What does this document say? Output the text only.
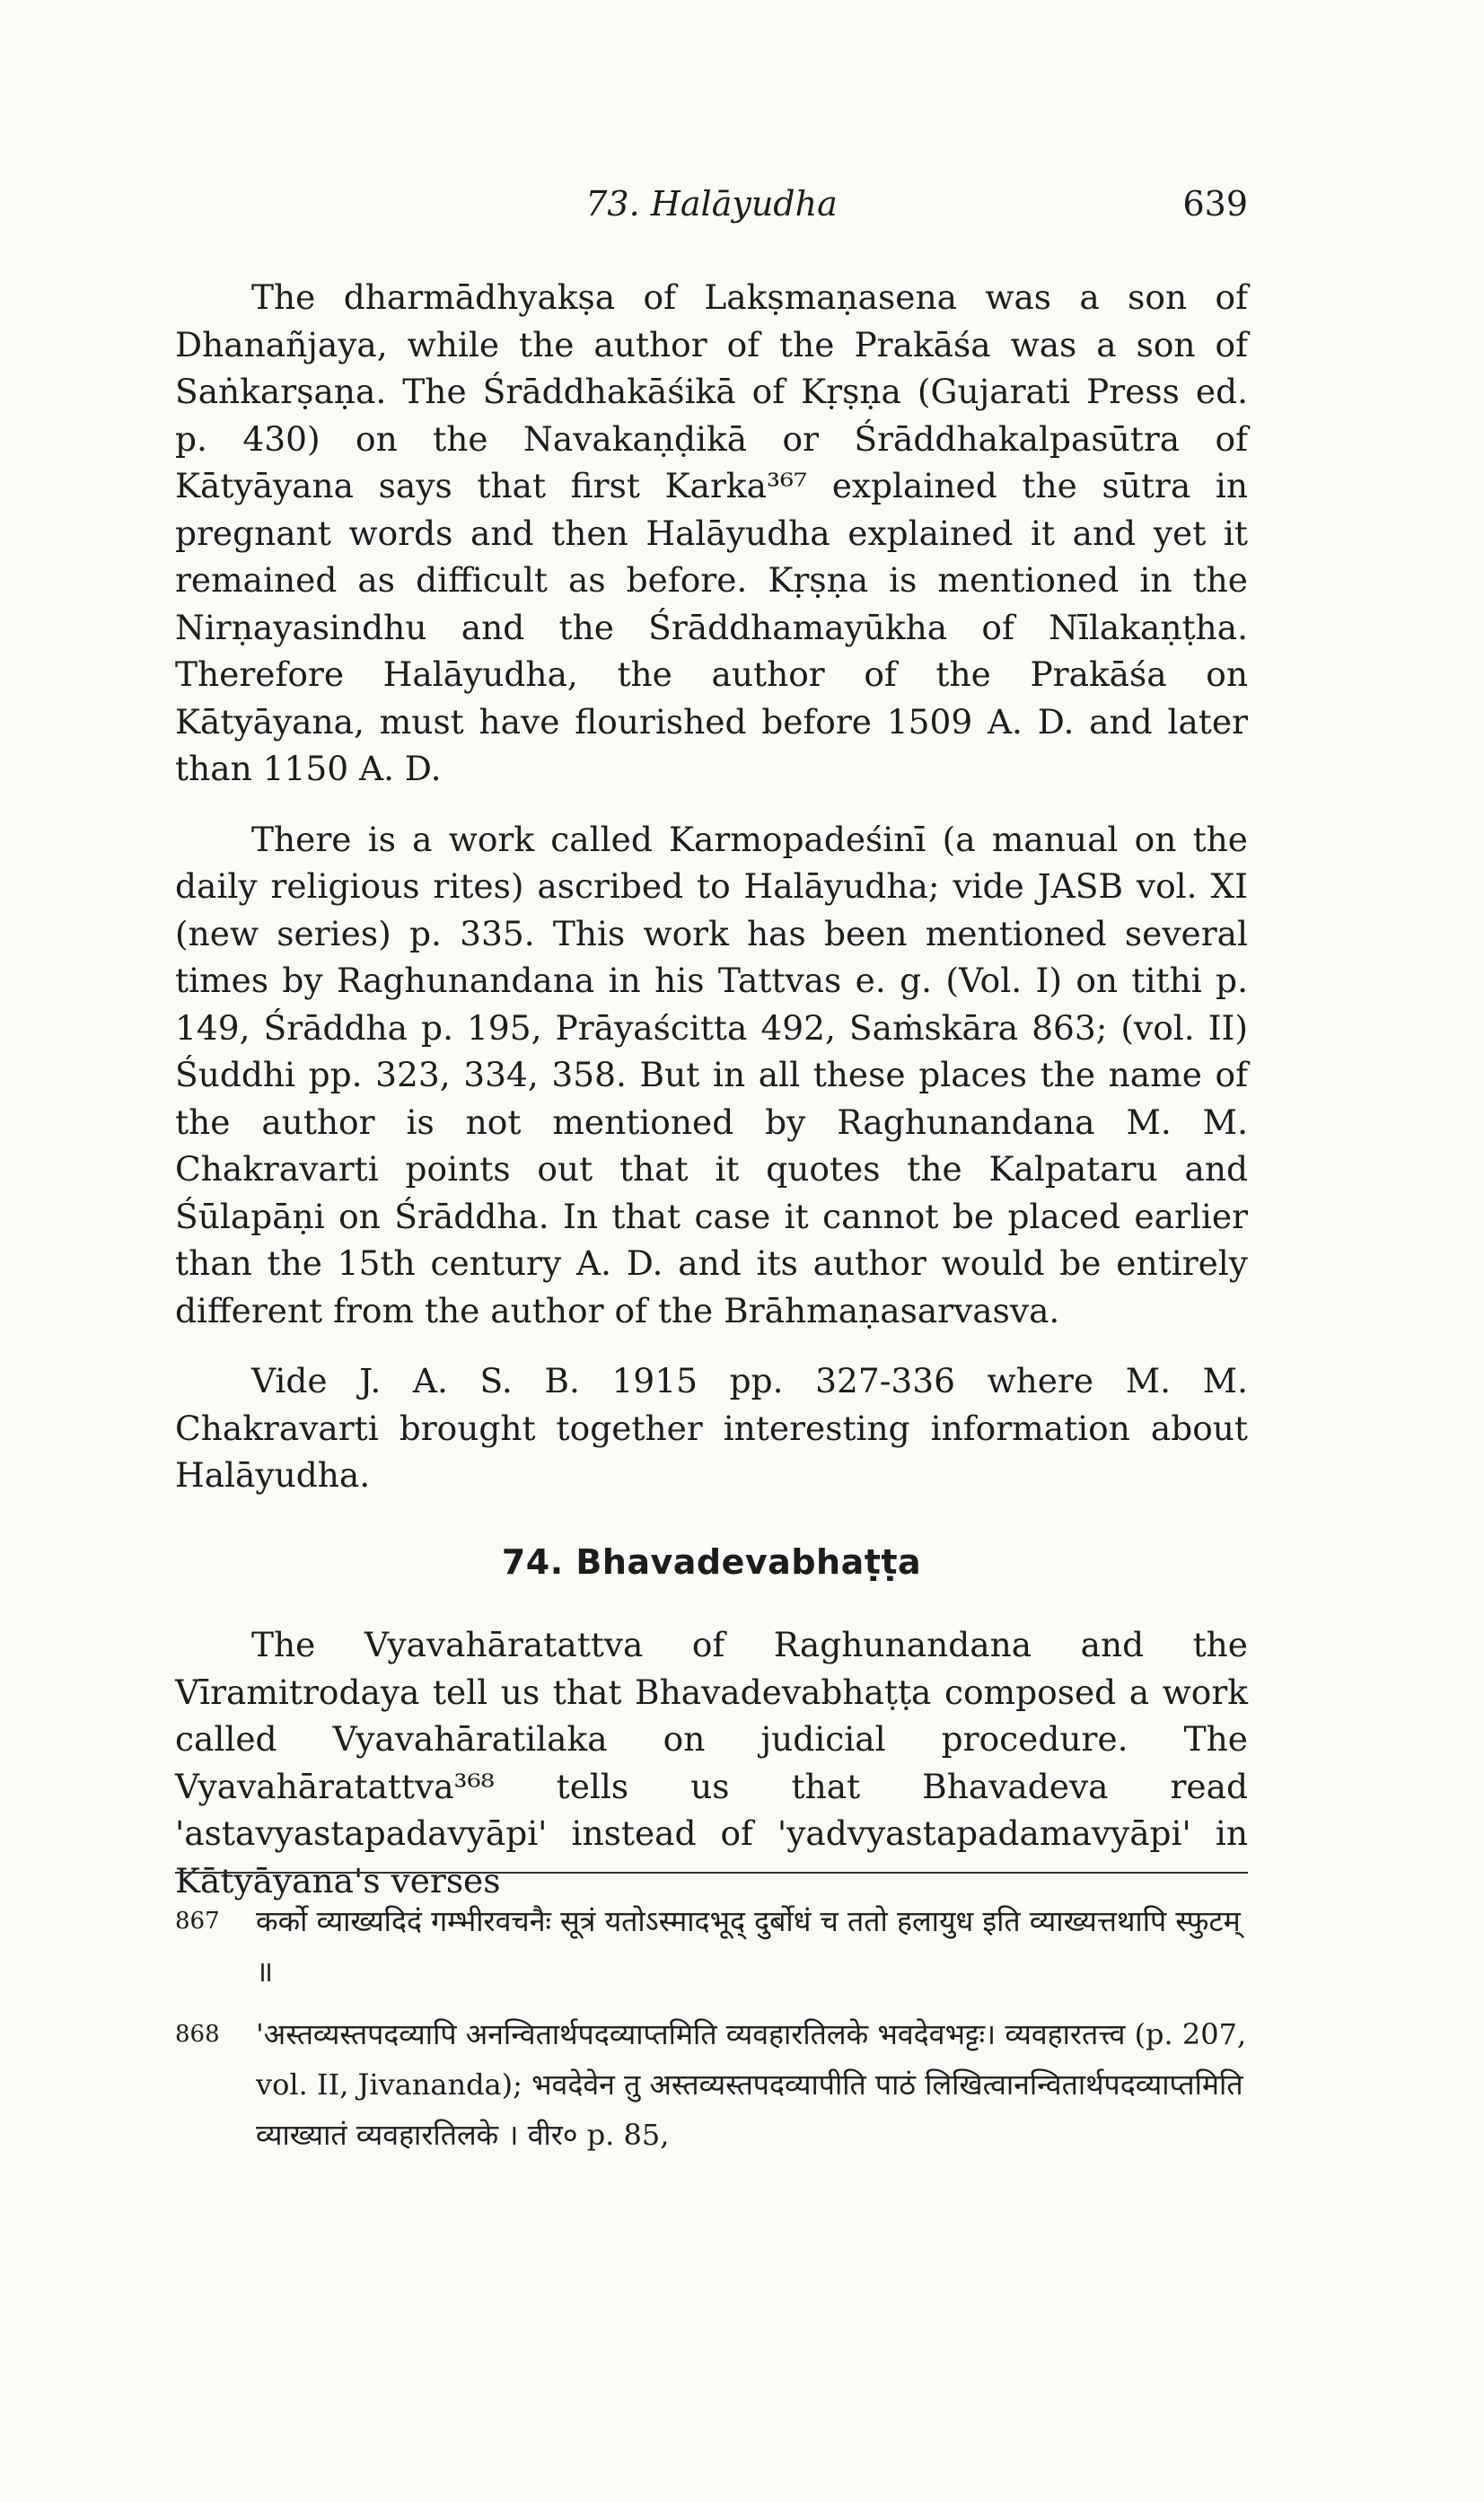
73. Halāyudha	639

The dharmādhyakṣa of Lakṣmaṇasena was a son of Dhanañjaya, while the author of the Prakāśa was a son of Saṅkarṣaṇa. The Śrāddhakāśikā of Kṛṣṇa (Gujarati Press ed. p. 430) on the Navakaṇḍikā or Śrāddhakalpasūtra of Kātyāyana says that first Karka³⁶⁷ explained the sūtra in pregnant words and then Halāyudha explained it and yet it remained as difficult as before. Kṛṣṇa is mentioned in the Nirṇayasindhu and the Śrāddhamayūkha of Nīlakaṇṭha. Therefore Halāyudha, the author of the Prakāśa on Kātyāyana, must have flourished before 1509 A. D. and later than 1150 A. D.

There is a work called Karmopadeśinī (a manual on the daily religious rites) ascribed to Halāyudha; vide JASB vol. XI (new series) p. 335. This work has been mentioned several times by Raghunandana in his Tattvas e. g. (Vol. I) on tithi p. 149, Śrāddha p. 195, Prāyaścitta 492, Saṁskāra 863; (vol. II) Śuddhi pp. 323, 334, 358. But in all these places the name of the author is not mentioned by Raghunandana M. M. Chakravarti points out that it quotes the Kalpataru and Śūlapāṇi on Śrāddha. In that case it cannot be placed earlier than the 15th century A. D. and its author would be entirely different from the author of the Brāhmaṇasarvasva.

Vide J. A. S. B. 1915 pp. 327-336 where M. M. Chakravarti brought together interesting information about Halāyudha.

74. Bhavadevabhaṭṭa

The Vyavahāratattva of Raghunandana and the Vīramitrodaya tell us that Bhavadevabhaṭṭa composed a work called Vyavahāratilaka on judicial procedure. The Vyavahāratattva³⁶⁸ tells us that Bhavadeva read 'astavyastapadavyāpi' instead of 'yadvyastapadamavyāpi' in Kātyāyana's verses

867	कर्को व्याख्यदिदं गम्भीरवचनैः सूत्रं यतोऽस्मादभूद् दुर्बोधं च ततो हलायुध इति व्याख्यत्तथापि स्फुटम् ॥
868	'अस्तव्यस्तपदव्यापि अनन्वितार्थपदव्याप्तमिति व्यवहारतिलके भवदेवभट्टः। व्यवहारतत्त्व (p. 207, vol. II, Jivananda); भवदेवेन तु अस्तव्यस्तपदव्यापीति पाठं लिखित्वानन्वितार्थपदव्याप्तमिति व्याख्यातं व्यवहारतिलके । वीर० p. 85,
